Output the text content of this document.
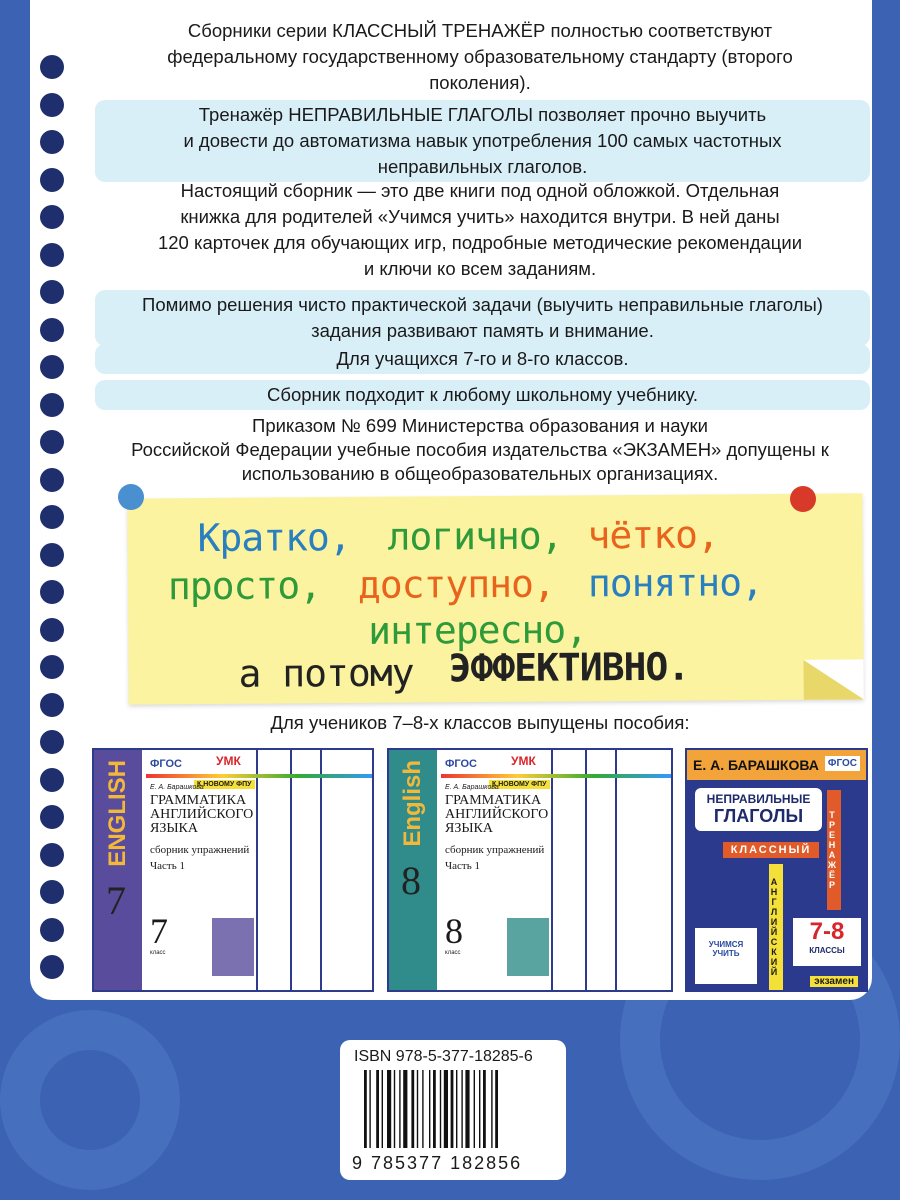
Сборники серии КЛАССНЫЙ ТРЕНАЖЁР полностью соответствуют
федеральному государственному образовательному стандарту (второго
поколения).
Тренажёр НЕПРАВИЛЬНЫЕ ГЛАГОЛЫ позволяет прочно выучить
и довести до автоматизма навык употребления 100 самых частотных
неправильных глаголов.
Настоящий сборник — это две книги под одной обложкой. Отдельная
книжка для родителей «Учимся учить» находится внутри. В ней даны
120 карточек для обучающих игр, подробные методические рекомендации
и ключи ко всем заданиям.
Помимо решения чисто практической задачи (выучить неправильные глаголы)
задания развивают память и внимание.
Для учащихся 7-го и 8-го классов.
Сборник подходит к любому школьному учебнику.
Приказом № 699 Министерства образования и науки
Российской Федерации учебные пособия издательства «ЭКЗАМЕН» допущены к
использованию в общеобразовательных организациях.
Кратко, логично, чётко,
просто, доступно, понятно,
интересно,
а потому ЭФФЕКТИВНО.
Для учеников 7–8-х классов выпущены пособия:
ENGLISH
7
ФГОС	УМК
К НОВОМУ ФПУ
Е. А. Барашкова
ГРАММАТИКА АНГЛИЙСКОГО ЯЗЫКА
сборник упражнений
Часть 1
7
класс
English
8
ФГОС	УМК
К НОВОМУ ФПУ
Е. А. Барашкова
ГРАММАТИКА АНГЛИЙСКОГО ЯЗЫКА
сборник упражнений
Часть 1
8
класс
Е. А. БАРАШКОВА ФГОС
НЕПРАВИЛЬНЫЕ
ГЛАГОЛЫ
КЛАССНЫЙ
АНГЛИЙСКИЙ
ТРЕНАЖЁР
УЧИМСЯ УЧИТЬ
7-8
КЛАССЫ
экзамен
ISBN 978-5-377-18285-6
9 785377 182856
